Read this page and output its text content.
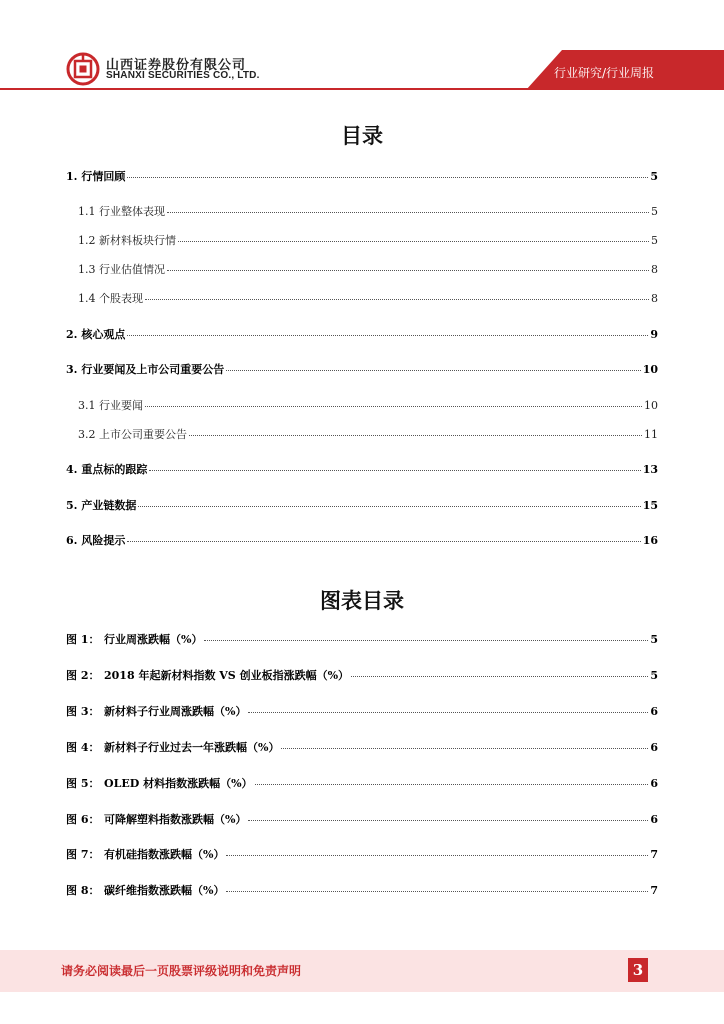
山西证券股份有限公司
SHANXI SECURITIES CO., LTD.	行业研究/行业周报
目录
1. 行情回顾	5
1.1 行业整体表现	5
1.2 新材料板块行情	5
1.3 行业估值情况	8
1.4 个股表现	8
2. 核心观点	9
3. 行业要闻及上市公司重要公告	10
3.1 行业要闻	10
3.2 上市公司重要公告	11
4. 重点标的跟踪	13
5. 产业链数据	15
6. 风险提示	16
图表目录
图 1： 行业周涨跌幅（%）	5
图 2： 2018 年起新材料指数 VS 创业板指涨跌幅（%）	5
图 3： 新材料子行业周涨跌幅（%）	6
图 4： 新材料子行业过去一年涨跌幅（%）	6
图 5： OLED 材料指数涨跌幅（%）	6
图 6： 可降解塑料指数涨跌幅（%）	6
图 7： 有机硅指数涨跌幅（%）	7
图 8： 碳纤维指数涨跌幅（%）	7
请务必阅读最后一页股票评级说明和免责声明	3
